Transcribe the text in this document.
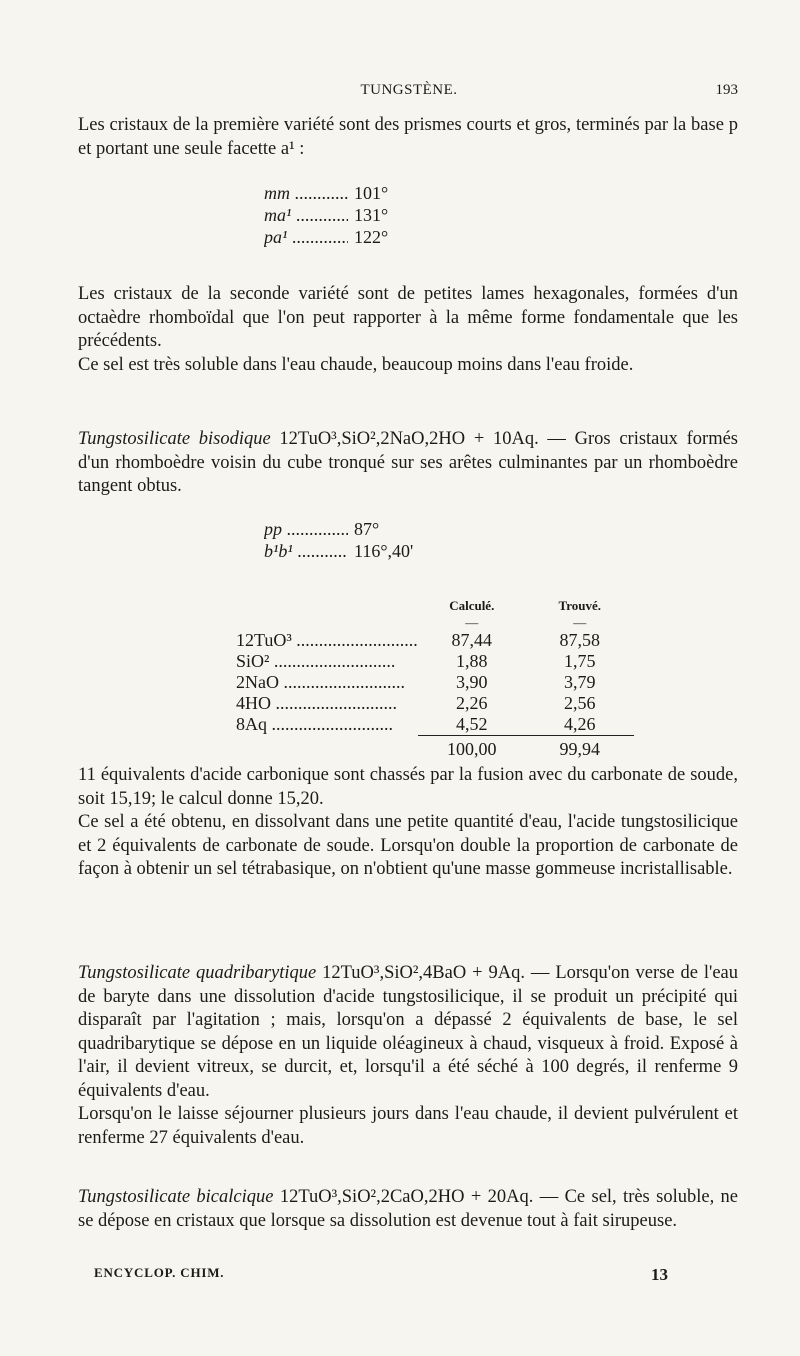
TUNGSTÈNE.	193

Les cristaux de la première variété sont des prismes courts et gros, terminés par la base p et portant une seule facette a¹ :

mm .....	101°
ma¹ .....	131°
pa¹ .....	122°

Les cristaux de la seconde variété sont de petites lames hexagonales, formées d'un octaèdre rhomboïdal que l'on peut rapporter à la même forme fondamentale que les précédents.

Ce sel est très soluble dans l'eau chaude, beaucoup moins dans l'eau froide.

Tungstosilicate bisodique 12TuO³,SiO²,2NaO,2HO + 10Aq. — Gros cristaux formés d'un rhomboèdre voisin du cube tronqué sur ses arêtes culminantes par un rhomboèdre tangent obtus.

pp .....	87°
b¹b¹ .....	116°,40'
	Calculé.	Trouvé.
	—	—
12TuO³ .....	87,44	87,58
SiO² .....	1,88	1,75
2NaO .....	3,90	3,79
4HO .....	2,26	2,56
8Aq .....	4,52	4,26
	100,00	99,94

11 équivalents d'acide carbonique sont chassés par la fusion avec du carbonate de soude, soit 15,19; le calcul donne 15,20.

Ce sel a été obtenu, en dissolvant dans une petite quantité d'eau, l'acide tungstosilicique et 2 équivalents de carbonate de soude. Lorsqu'on double la proportion de carbonate de façon à obtenir un sel tétrabasique, on n'obtient qu'une masse gommeuse incristallisable.

Tungstosilicate quadribarytique 12TuO³,SiO²,4BaO + 9Aq. — Lorsqu'on verse de l'eau de baryte dans une dissolution d'acide tungstosilicique, il se produit un précipité qui disparaît par l'agitation ; mais, lorsqu'on a dépassé 2 équivalents de base, le sel quadribarytique se dépose en un liquide oléagineux à chaud, visqueux à froid. Exposé à l'air, il devient vitreux, se durcit, et, lorsqu'il a été séché à 100 degrés, il renferme 9 équivalents d'eau.

Lorsqu'on le laisse séjourner plusieurs jours dans l'eau chaude, il devient pulvérulent et renferme 27 équivalents d'eau.

Tungstosilicate bicalcique 12TuO³,SiO²,2CaO,2HO + 20Aq. — Ce sel, très soluble, ne se dépose en cristaux que lorsque sa dissolution est devenue tout à fait sirupeuse.

ENCYCLOP. CHIM.	13
